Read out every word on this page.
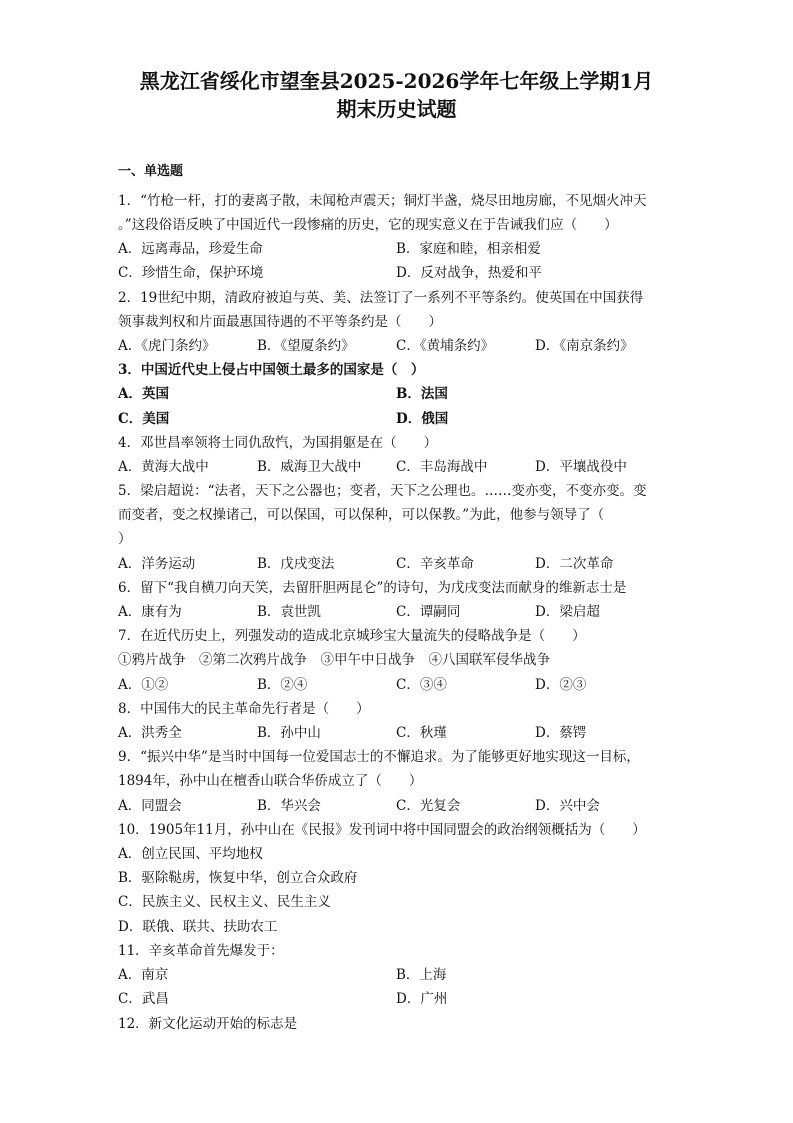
黑龙江省绥化市望奎县2025-2026学年七年级上学期1月
期末历史试题
一、单选题
1．“竹枪一杆，打的妻离子散，未闻枪声震天；铜灯半盏，烧尽田地房廊，不见烟火冲天
。”这段俗语反映了中国近代一段惨痛的历史，它的现实意义在于告诫我们应（　　）
A．远离毒品，珍爱生命	B．家庭和睦，相亲相爱
C．珍惜生命，保护环境	D．反对战争，热爱和平
2．19世纪中期，清政府被迫与英、美、法签订了一系列不平等条约。使英国在中国获得
领事裁判权和片面最惠国待遇的不平等条约是（　　）
A．《虎门条约》	B．《望厦条约》	C．《黄埔条约》	D．《南京条约》
3．中国近代史上侵占中国领土最多的国家是（　）
A．英国	B．法国
C．美国	D．俄国
4．邓世昌率领将士同仇敌忾，为国捐躯是在（　　）
A．黄海大战中	B．威海卫大战中	C．丰岛海战中	D．平壤战役中
5．梁启超说：“法者，天下之公器也；变者，天下之公理也。……变亦变，不变亦变。变
而变者，变之权操诸己，可以保国，可以保种，可以保教。”为此，他参与领导了（
）
A．洋务运动	B．戊戌变法	C．辛亥革命	D．二次革命
6．留下“我自横刀向天笑，去留肝胆两昆仑”的诗句，为戊戌变法而献身的维新志士是
A．康有为	B．袁世凯	C．谭嗣同	D．梁启超
7．在近代历史上，列强发动的造成北京城珍宝大量流失的侵略战争是（　　）
①鸦片战争　②第二次鸦片战争　③甲午中日战争　④八国联军侵华战争
A．①②	B．②④	C．③④	D．②③
8．中国伟大的民主革命先行者是（　　）
A．洪秀全	B．孙中山	C．秋瑾	D．蔡锷
9．“振兴中华”是当时中国每一位爱国志士的不懈追求。为了能够更好地实现这一目标，
1894年，孙中山在檀香山联合华侨成立了（　　）
A．同盟会	B．华兴会	C．光复会	D．兴中会
10．1905年11月，孙中山在《民报》发刊词中将中国同盟会的政治纲领概括为（　　）
A．创立民国、平均地权
B．驱除鞑虏，恢复中华，创立合众政府
C．民族主义、民权主义、民生主义
D．联俄、联共、扶助农工
11．辛亥革命首先爆发于：
A．南京	B．上海
C．武昌	D．广州
12．新文化运动开始的标志是
